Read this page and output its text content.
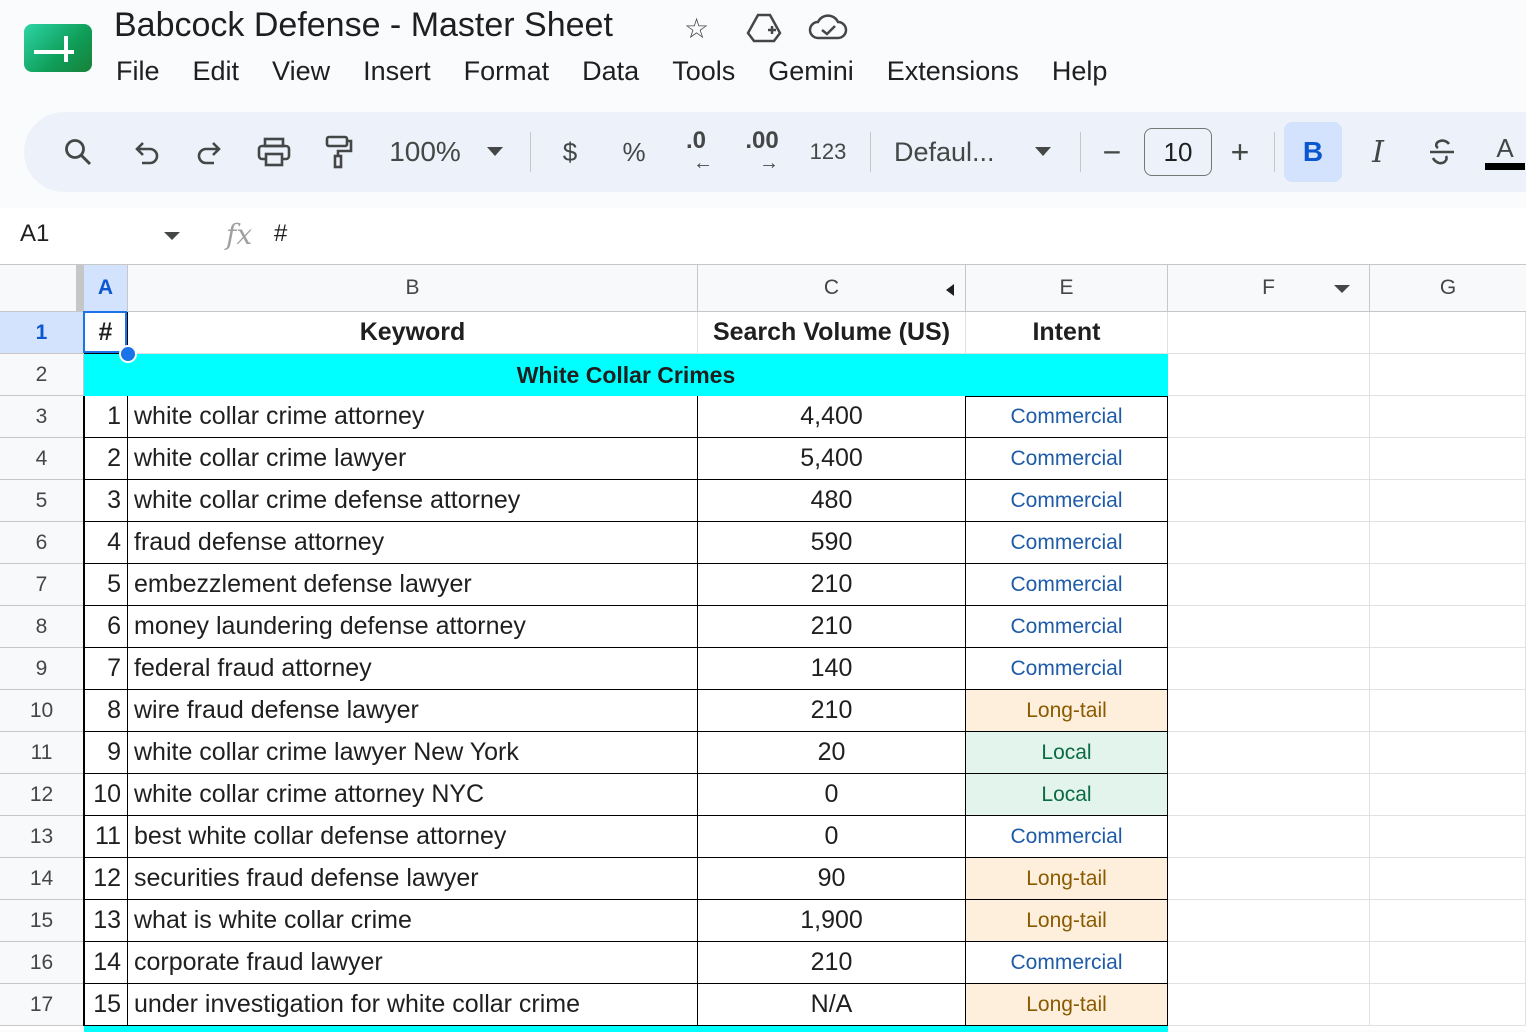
Babcock Defense - Master Sheet	☆
File Edit View Insert Format Data Tools Gemini Extensions Help
100%	$	% .0
←
.00
→ 123 Defaul...	−	10	+	B	I	A
A1	fx #
A	B	C	E	F	G
1
2
3
4
5
6
7
8
9
10
11
12
13
14
15
16
17
#	Keyword	Search Volume (US)	Intent
White Collar Crimes
1 white collar crime attorney	4,400	Commercial
2 white collar crime lawyer	5,400	Commercial
3 white collar crime defense attorney	480	Commercial
4 fraud defense attorney	590	Commercial
5 embezzlement defense lawyer	210	Commercial
6 money laundering defense attorney	210	Commercial
7 federal fraud attorney	140	Commercial
8 wire fraud defense lawyer	210	Long-tail
9 white collar crime lawyer New York	20	Local
10 white collar crime attorney NYC	0	Local
11 best white collar defense attorney	0	Commercial
12 securities fraud defense lawyer	90	Long-tail
13 what is white collar crime	1,900	Long-tail
14 corporate fraud lawyer	210	Commercial
15 under investigation for white collar crime	N/A	Long-tail
